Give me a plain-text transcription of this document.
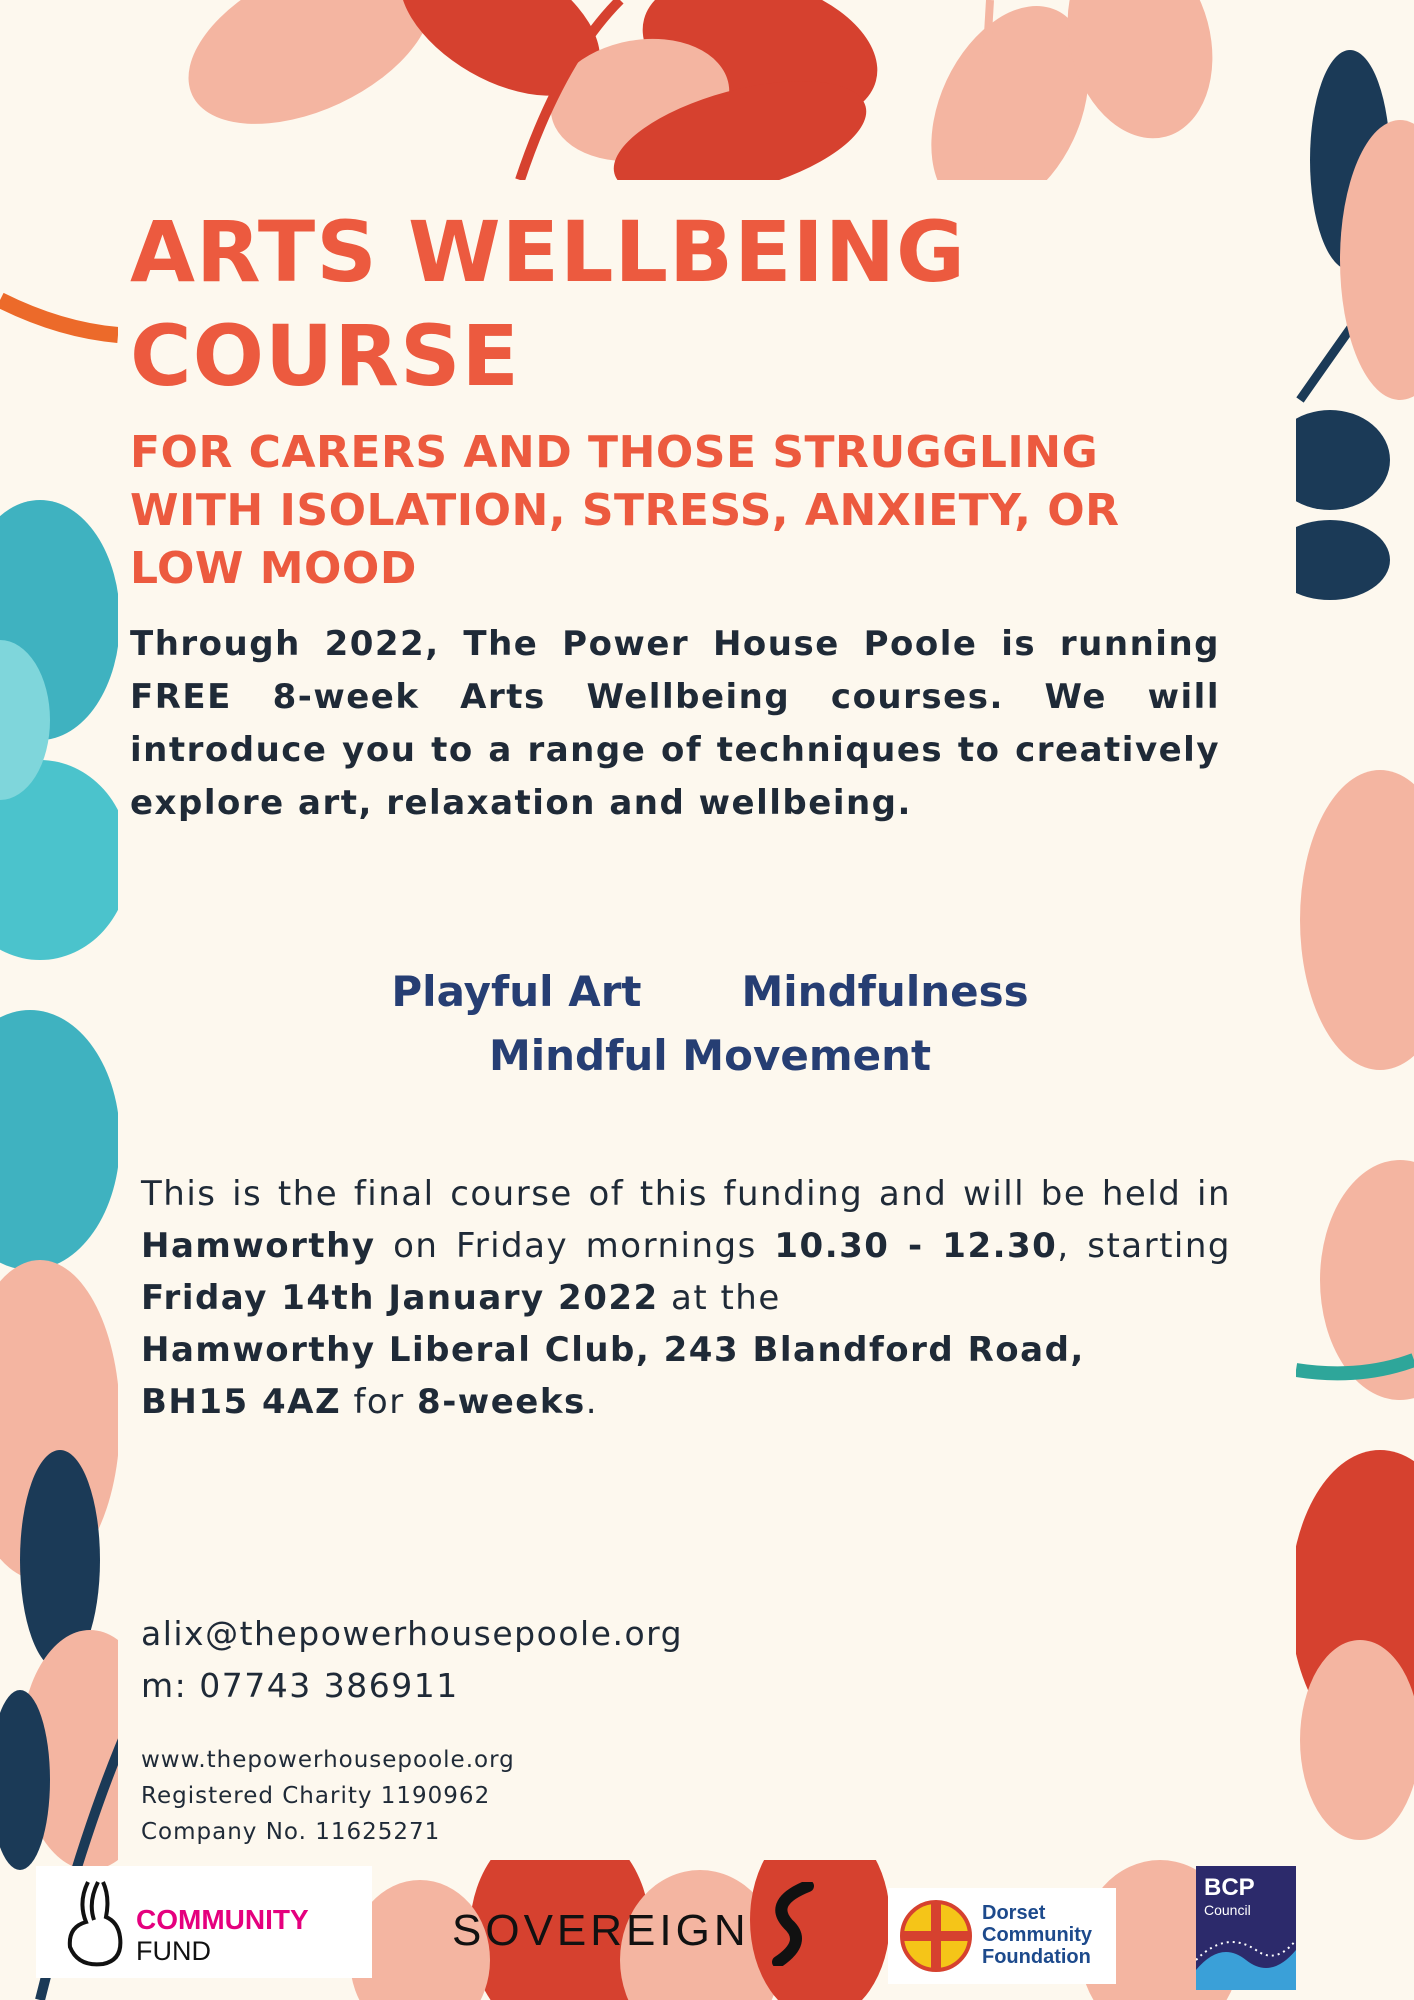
ARTS WELLBEING
COURSE
FOR CARERS AND THOSE STRUGGLING
WITH ISOLATION, STRESS, ANXIETY, OR
LOW MOOD

Through 2022, The Power House Poole is running FREE 8-week Arts Wellbeing courses. We will introduce you to a range of techniques to creatively explore art, relaxation and wellbeing.

Playful Art Mindfulness
Mindful Movement

This is the final course of this funding and will be held in Hamworthy on Friday mornings 10.30 - 12.30, starting Friday 14th January 2022 at the
Hamworthy Liberal Club, 243 Blandford Road,
BH15 4AZ for 8-weeks.

alix@thepowerhousepoole.org
m: 07743 386911
www.thepowerhousepoole.org
Registered Charity 1190962
Company No. 11625271
COMMUNITY
FUND	SOVEREIGN	Dorset Community Foundation
BCP
Council
